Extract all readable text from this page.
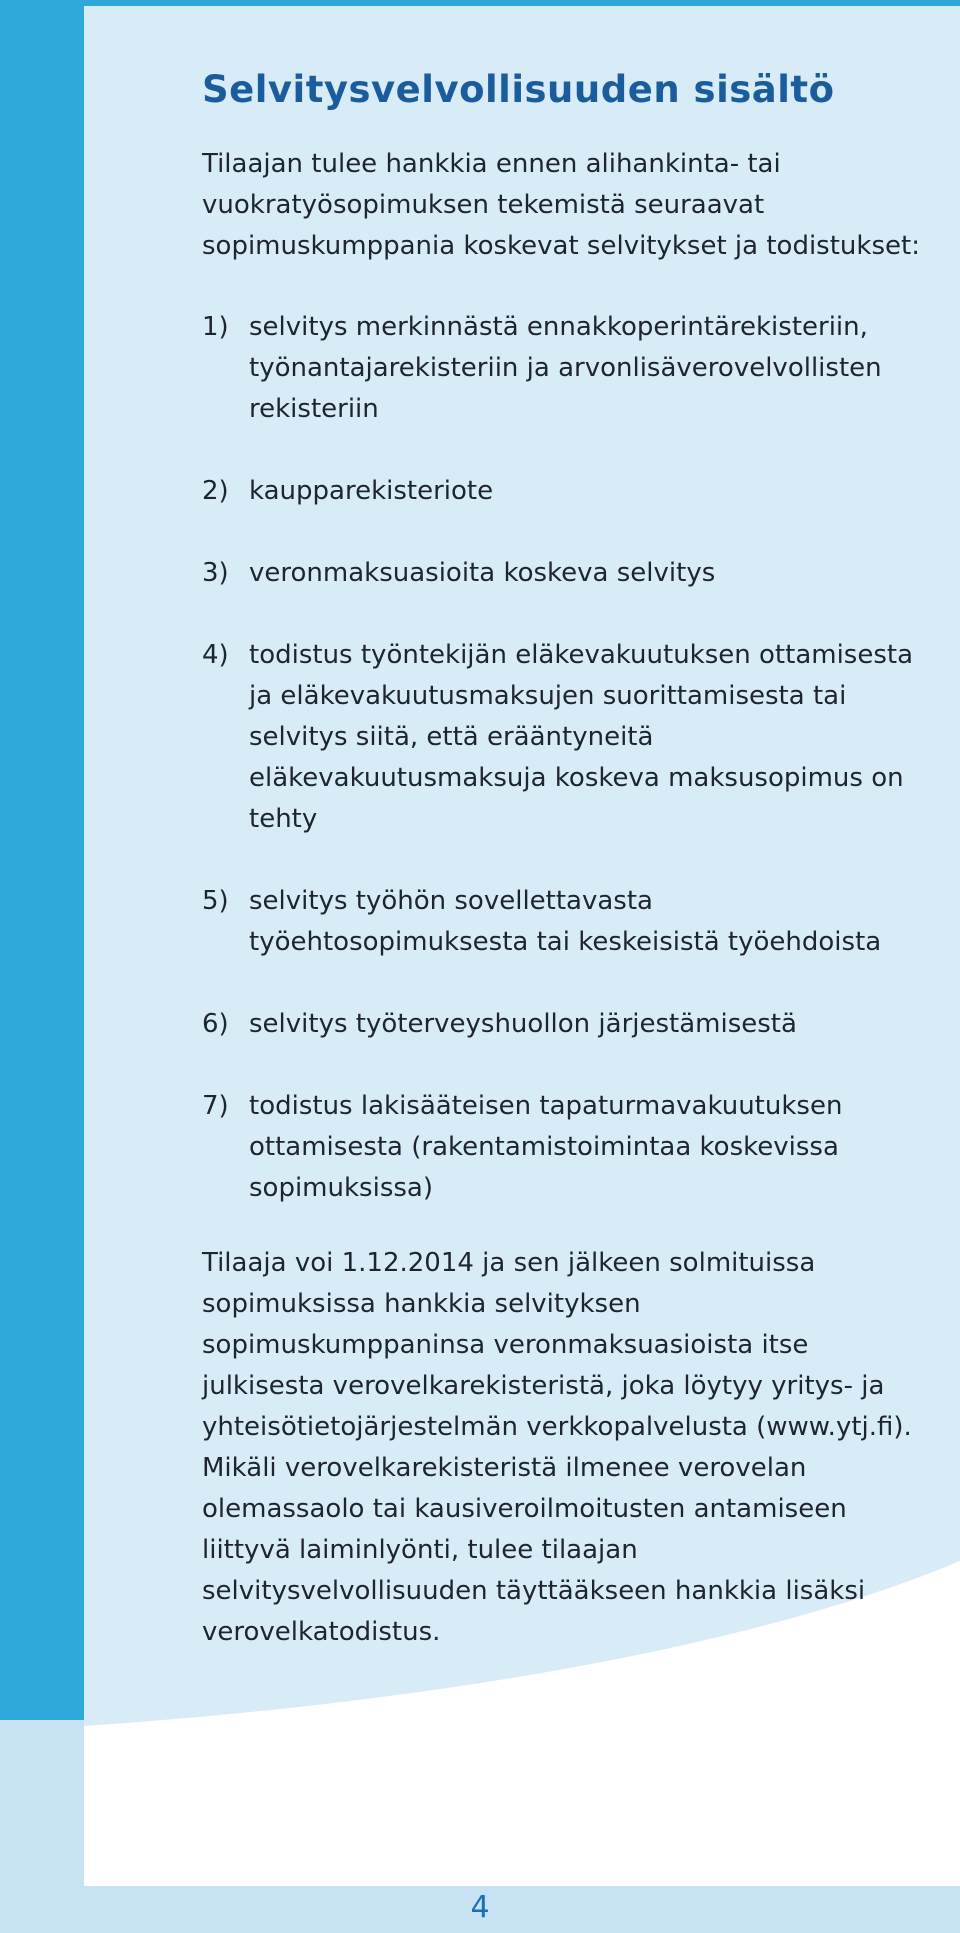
Selvitysvelvollisuuden sisältö

Tilaajan tulee hankkia ennen alihankinta- tai vuokratyösopimuksen tekemistä seuraavat sopimuskumppania koskevat selvitykset ja todistukset:

1) selvitys merkinnästä ennakkoperintärekisteriin, työnantajarekisteriin ja arvonlisäverovelvollisten rekisteriin
2) kaupparekisteriote
3) veronmaksuasioita koskeva selvitys
4) todistus työntekijän eläkevakuutuksen ottamisesta ja eläkevakuutusmaksujen suorittamisesta tai selvitys siitä, että erääntyneitä eläkevakuutusmaksuja koskeva maksusopimus on tehty
5) selvitys työhön sovellettavasta työehtosopimuksesta tai keskeisistä työehdoista
6) selvitys työterveyshuollon järjestämisestä
7) todistus lakisääteisen tapaturmavakuutuksen ottamisesta (rakentamistoimintaa koskevissa sopimuksissa)

Tilaaja voi 1.12.2014 ja sen jälkeen solmituissa sopimuksissa hankkia selvityksen sopimuskumppaninsa veronmaksuasioista itse julkisesta verovelkarekisteristä, joka löytyy yritys- ja yhteisötietojärjestelmän verkkopalvelusta (www.ytj.fi). Mikäli verovelkarekisteristä ilmenee verovelan olemassaolo tai kausiveroilmoitusten antamiseen liittyvä laiminlyönti, tulee tilaajan selvitysvelvollisuuden täyttääkseen hankkia lisäksi verovelkatodistus.

4
